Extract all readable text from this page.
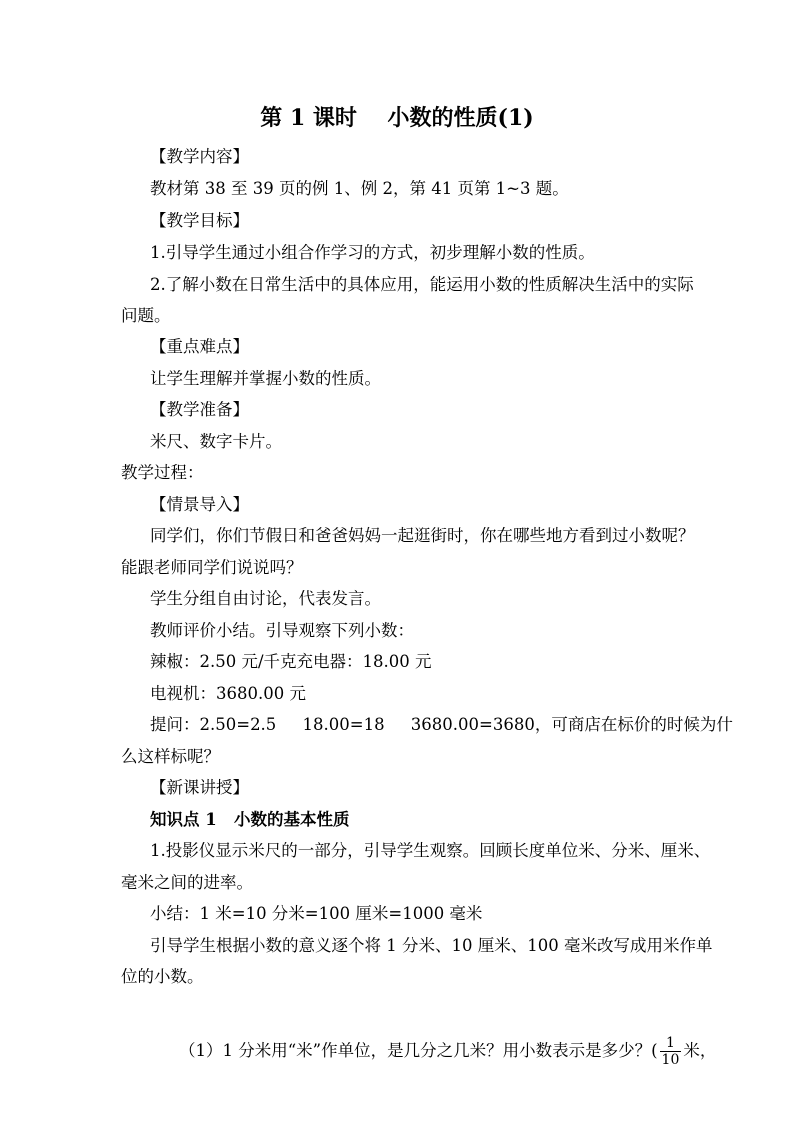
第 1 课时    小数的性质(1)
【教学内容】
教材第 38 至 39 页的例 1、例 2，第 41 页第 1~3 题。
【教学目标】
1.引导学生通过小组合作学习的方式，初步理解小数的性质。
2.了解小数在日常生活中的具体应用，能运用小数的性质解决生活中的实际
问题。
【重点难点】
让学生理解并掌握小数的性质。
【教学准备】
米尺、数字卡片。
教学过程：
【情景导入】
同学们，你们节假日和爸爸妈妈一起逛街时，你在哪些地方看到过小数呢？
能跟老师同学们说说吗？
学生分组自由讨论，代表发言。
教师评价小结。引导观察下列小数：
辣椒：2.50 元/千克充电器：18.00 元
电视机：3680.00 元
提问：2.50=2.5     18.00=18     3680.00=3680，可商店在标价的时候为什
么这样标呢？
【新课讲授】
知识点 1   小数的基本性质
1.投影仪显示米尺的一部分，引导学生观察。回顾长度单位米、分米、厘米、
毫米之间的进率。
小结：1 米=10 分米=100 厘米=1000 毫米
引导学生根据小数的意义逐个将 1 分米、10 厘米、100 毫米改写成用米作单
位的小数。

（1）1 分米用“米”作单位，是几分之几米？用小数表示是多少？( $\frac{1}{10}$ 米，
